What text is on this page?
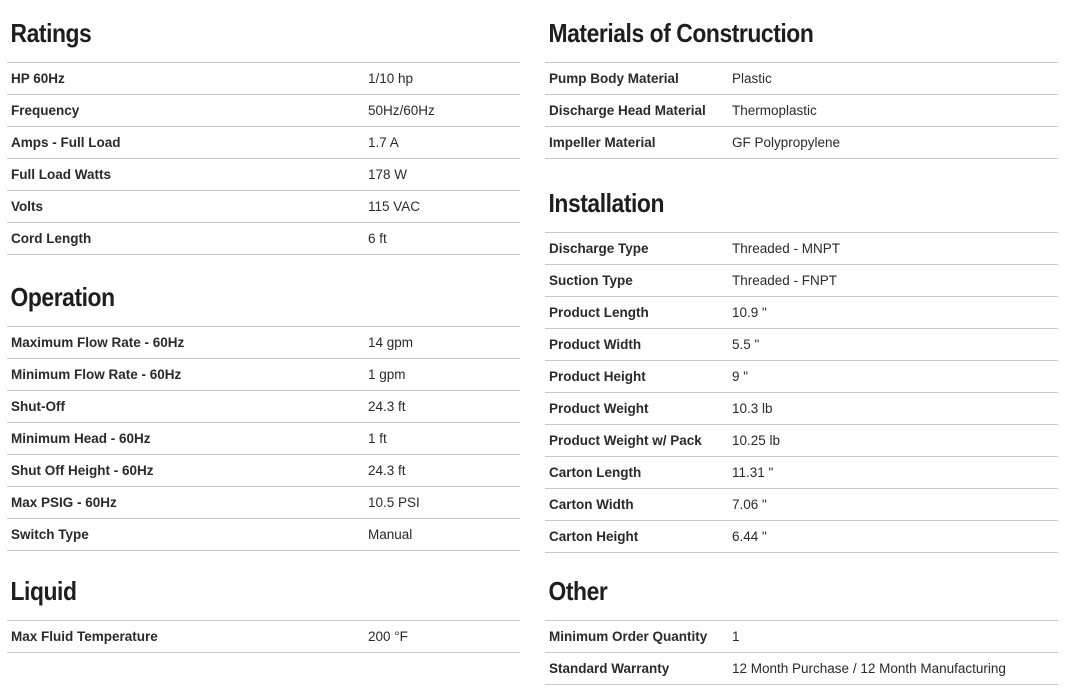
Ratings
HP 60Hz	1/10 hp
Frequency	50Hz/60Hz
Amps - Full Load	1.7 A
Full Load Watts	178 W
Volts	115 VAC
Cord Length	6 ft
Operation
Maximum Flow Rate - 60Hz	14 gpm
Minimum Flow Rate - 60Hz	1 gpm
Shut-Off	24.3 ft
Minimum Head - 60Hz	1 ft
Shut Off Height - 60Hz	24.3 ft
Max PSIG - 60Hz	10.5 PSI
Switch Type	Manual
Liquid
Max Fluid Temperature	200 °F
Materials of Construction
Pump Body Material	Plastic
Discharge Head Material	Thermoplastic
Impeller Material	GF Polypropylene
Installation
Discharge Type	Threaded - MNPT
Suction Type	Threaded - FNPT
Product Length	10.9 "
Product Width	5.5 "
Product Height	9 "
Product Weight	10.3 lb
Product Weight w/ Pack	10.25 lb
Carton Length	11.31 "
Carton Width	7.06 "
Carton Height	6.44 "
Other
Minimum Order Quantity	1
Standard Warranty	12 Month Purchase / 12 Month Manufacturing
